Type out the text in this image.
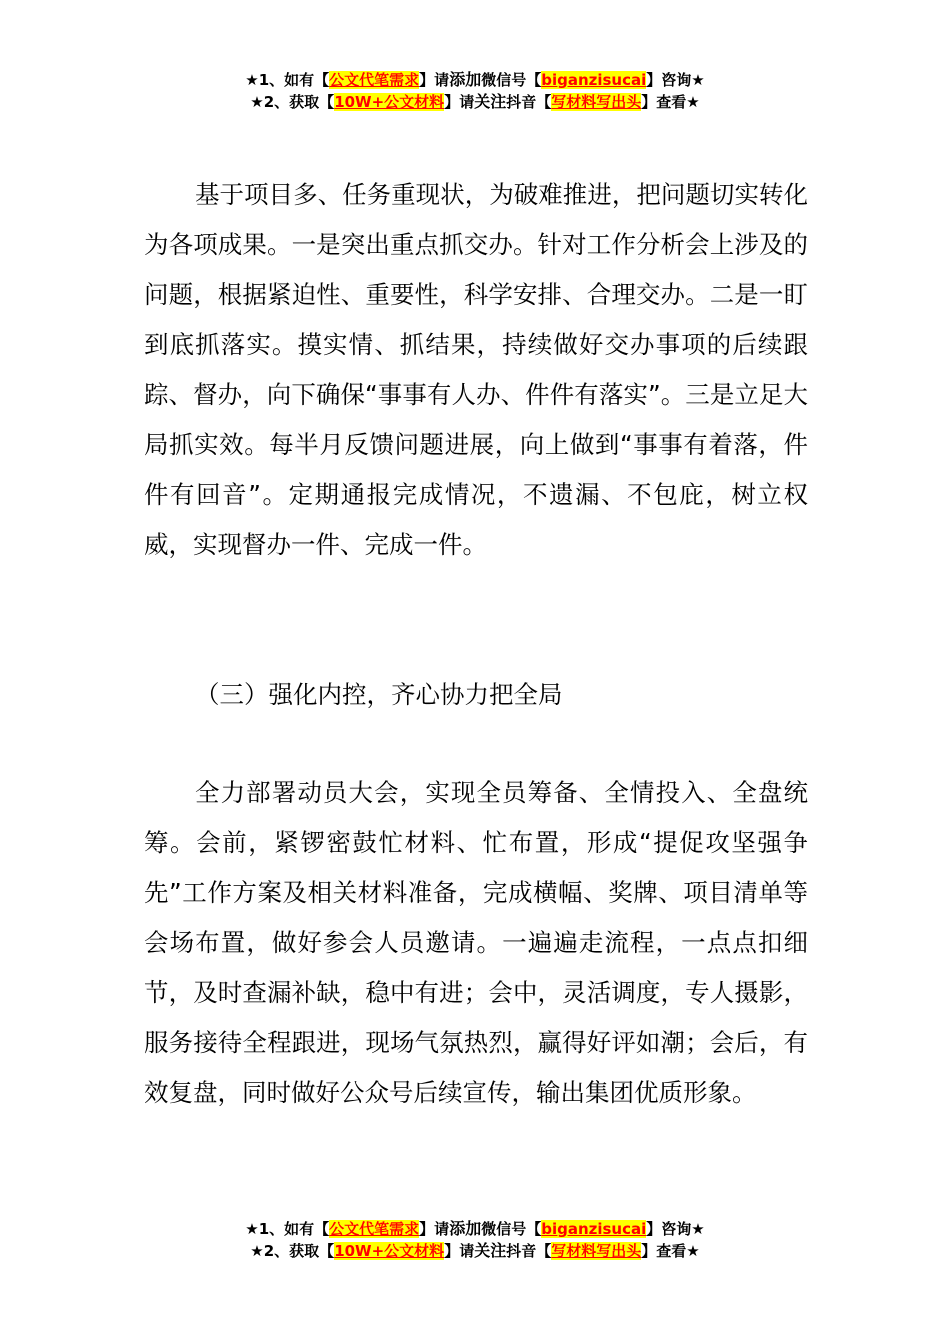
★1、如有【公文代笔需求】请添加微信号【biganzisucai】咨询★
★2、获取【10W+公文材料】请关注抖音【写材料写出头】查看★

基于项目多、任务重现状，为破难推进，把问题切实转化为各项成果。一是突出重点抓交办。针对工作分析会上涉及的问题，根据紧迫性、重要性，科学安排、合理交办。二是一盯到底抓落实。摸实情、抓结果，持续做好交办事项的后续跟踪、督办，向下确保“事事有人办、件件有落实”。三是立足大局抓实效。每半月反馈问题进展，向上做到“事事有着落，件件有回音”。定期通报完成情况，不遗漏、不包庇，树立权威，实现督办一件、完成一件。

（三）强化内控，齐心协力把全局

全力部署动员大会，实现全员筹备、全情投入、全盘统筹。会前，紧锣密鼓忙材料、忙布置，形成“提促攻坚强争先”工作方案及相关材料准备，完成横幅、奖牌、项目清单等会场布置，做好参会人员邀请。一遍遍走流程，一点点扣细节，及时查漏补缺，稳中有进；会中，灵活调度，专人摄影，服务接待全程跟进，现场气氛热烈，赢得好评如潮；会后，有效复盘，同时做好公众号后续宣传，输出集团优质形象。

★1、如有【公文代笔需求】请添加微信号【biganzisucai】咨询★
★2、获取【10W+公文材料】请关注抖音【写材料写出头】查看★
